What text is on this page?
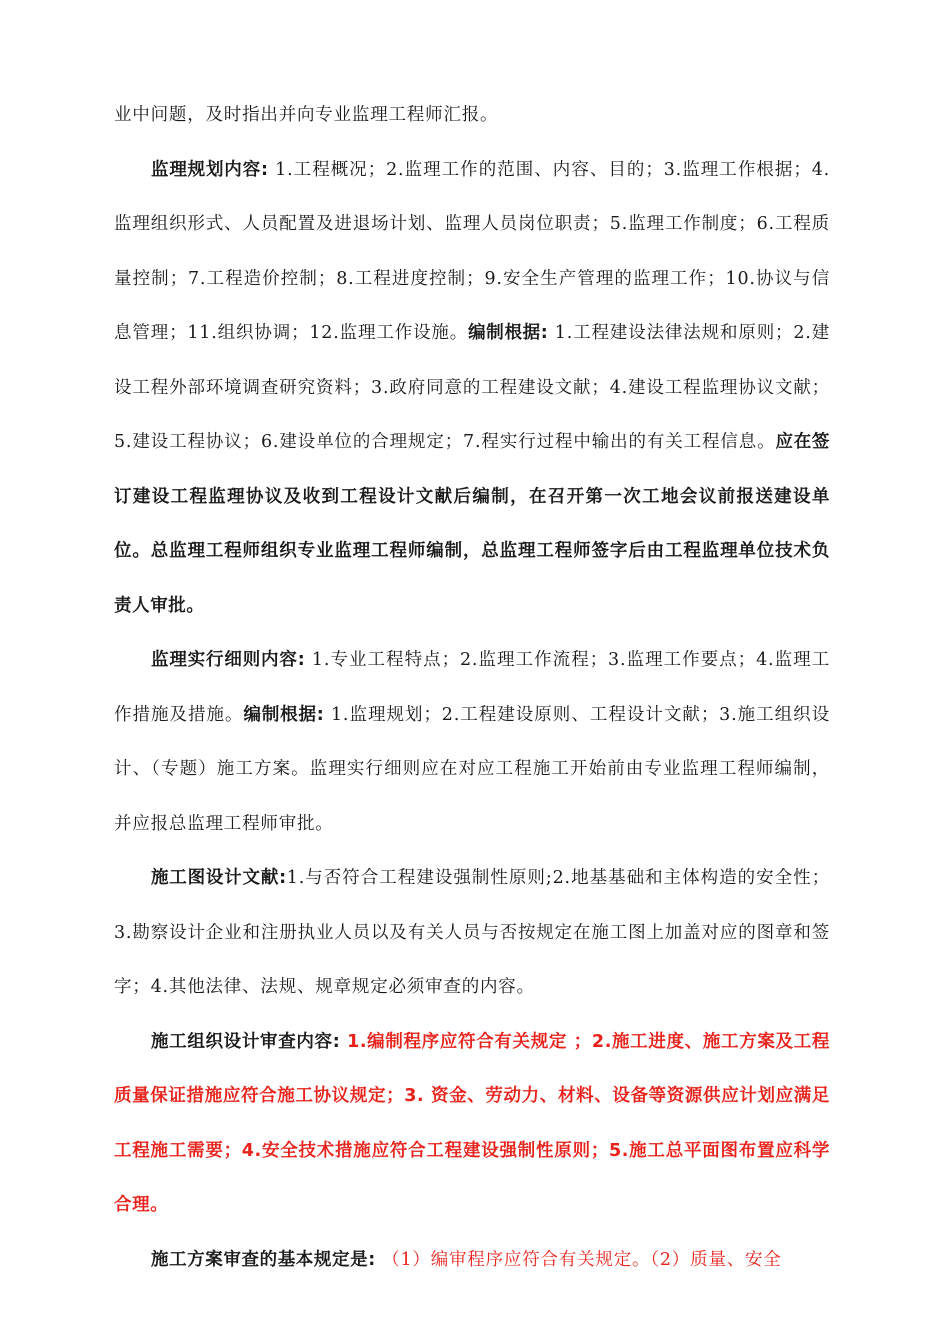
业中问题，及时指出并向专业监理工程师汇报。

监理规划内容: 1.工程概况；2.监理工作的范围、内容、目的；3.监理工作根据；4.监理组织形式、人员配置及进退场计划、监理人员岗位职责；5.监理工作制度；6.工程质量控制；7.工程造价控制；8.工程进度控制；9.安全生产管理的监理工作；10.协议与信息管理；11.组织协调；12.监理工作设施。编制根据: 1.工程建设法律法规和原则；2.建设工程外部环境调查研究资料；3.政府同意的工程建设文献；4.建设工程监理协议文献；5.建设工程协议；6.建设单位的合理规定；7.程实行过程中输出的有关工程信息。应在签订建设工程监理协议及收到工程设计文献后编制，在召开第一次工地会议前报送建设单位。总监理工程师组织专业监理工程师编制，总监理工程师签字后由工程监理单位技术负责人审批。

监理实行细则内容: 1.专业工程特点；2.监理工作流程；3.监理工作要点；4.监理工作措施及措施。编制根据: 1.监理规划；2.工程建设原则、工程设计文献；3.施工组织设计、（专题）施工方案。监理实行细则应在对应工程施工开始前由专业监理工程师编制，并应报总监理工程师审批。

施工图设计文献:1.与否符合工程建设强制性原则;2.地基基础和主体构造的安全性；3.勘察设计企业和注册执业人员以及有关人员与否按规定在施工图上加盖对应的图章和签字；4.其他法律、法规、规章规定必须审查的内容。

施工组织设计审查内容: 1.编制程序应符合有关规定 ；2.施工进度、施工方案及工程质量保证措施应符合施工协议规定；3. 资金、劳动力、材料、设备等资源供应计划应满足工程施工需要；4.安全技术措施应符合工程建设强制性原则；5.施工总平面图布置应科学合理。

施工方案审查的基本规定是: （1）编审程序应符合有关规定。（2）质量、安全
